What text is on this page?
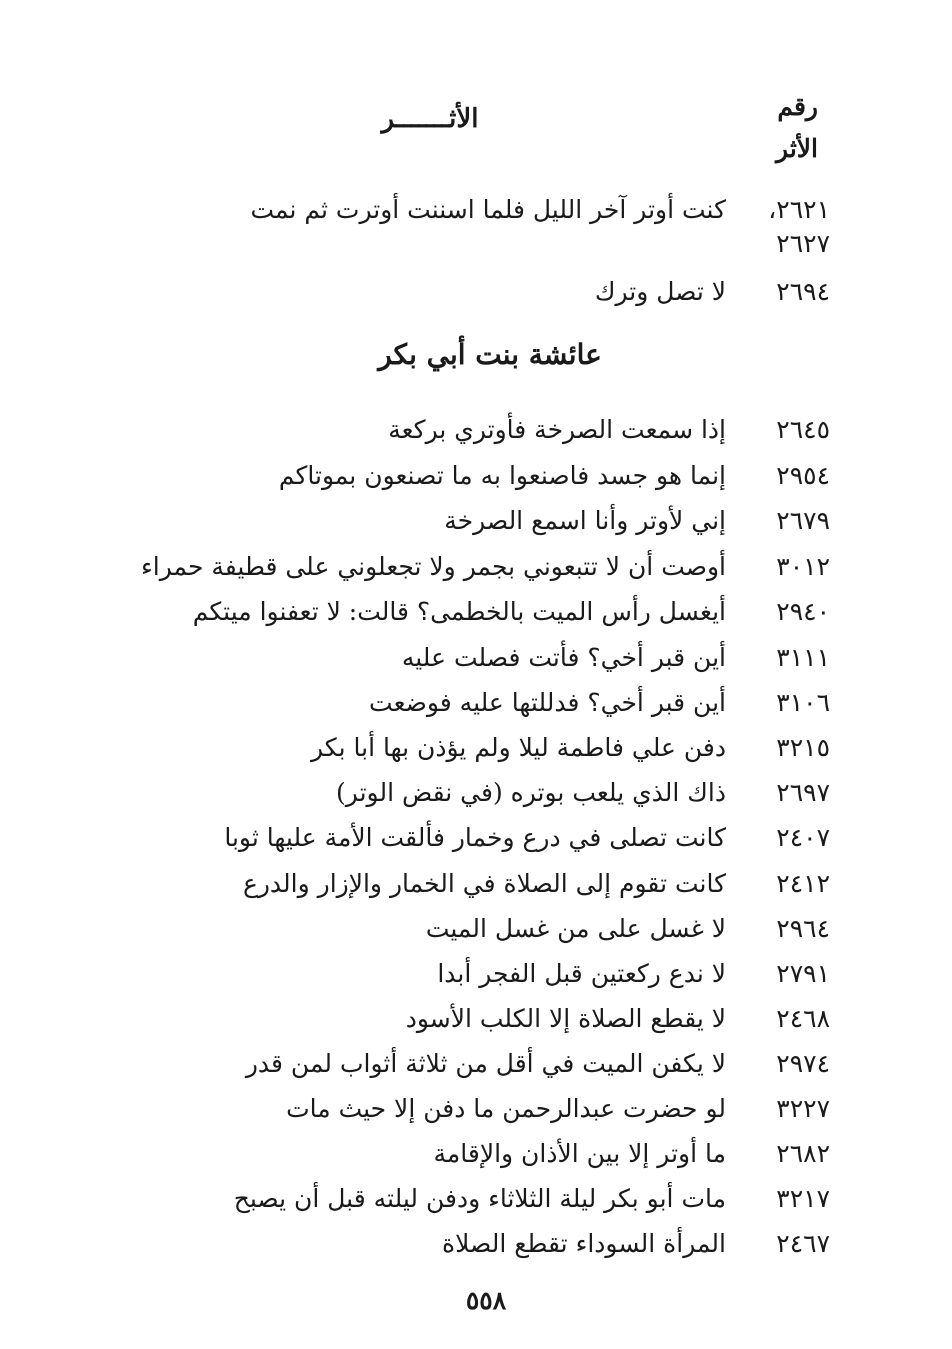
رقم
الأثر
الأثـــــــر
٢٦٢١،
كنت أوتر آخر الليل فلما اسننت أوترت ثم نمت
٢٦٢٧
٢٦٩٤
لا تصل وترك
عائشة بنت أبي بكر
٢٦٤٥
إذا سمعت الصرخة فأوتري بركعة
٢٩٥٤
إنما هو جسد فاصنعوا به ما تصنعون بموتاكم
٢٦٧٩
إني لأوتر وأنا اسمع الصرخة
٣٠١٢
أوصت أن لا تتبعوني بجمر ولا تجعلوني على قطيفة حمراء
٢٩٤٠
أيغسل رأس الميت بالخطمى؟ قالت: لا تعفنوا ميتكم
٣١١١
أين قبر أخي؟ فأتت فصلت عليه
٣١٠٦
أين قبر أخي؟ فدللتها عليه فوضعت
٣٢١٥
دفن علي فاطمة ليلا ولم يؤذن بها أبا بكر
٢٦٩٧
ذاك الذي يلعب بوتره (في نقض الوتر)
٢٤٠٧
كانت تصلى في درع وخمار فألقت الأمة عليها ثوبا
٢٤١٢
كانت تقوم إلى الصلاة في الخمار والإزار والدرع
٢٩٦٤
لا غسل على من غسل الميت
٢٧٩١
لا ندع ركعتين قبل الفجر أبدا
٢٤٦٨
لا يقطع الصلاة إلا الكلب الأسود
٢٩٧٤
لا يكفن الميت في أقل من ثلاثة أثواب لمن قدر
٣٢٢٧
لو حضرت عبدالرحمن ما دفن إلا حيث مات
٢٦٨٢
ما أوتر إلا بين الأذان والإقامة
٣٢١٧
مات أبو بكر ليلة الثلاثاء ودفن ليلته قبل أن يصبح
٢٤٦٧
المرأة السوداء تقطع الصلاة
٥٥٨
